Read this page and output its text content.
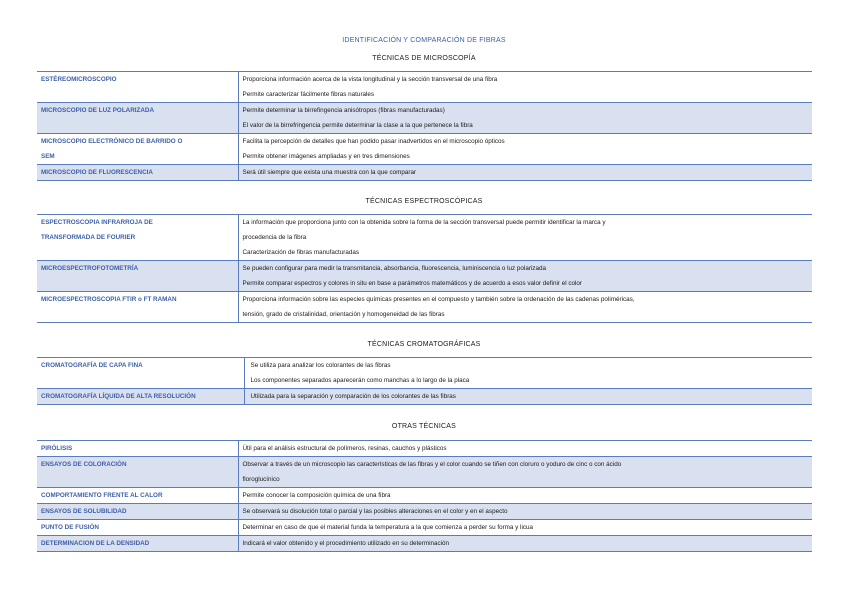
IDENTIFICACIÓN Y COMPARACIÓN DE FIBRAS
TÉCNICAS DE MICROSCOPÍA
ESTÉREOMICROSCOPIO	Proporciona información acerca de la vista longitudinal y la sección transversal de una fibra
Permite caracterizar fácilmente fibras naturales

MICROSCOPIO DE LUZ POLARIZADA	Permite determinar la birrefingencia anisótropos (fibras manufacturadas)
El valor de la birrefringencia permite determinar la clase a la que pertenece la fibra

MICROSCOPIO ELECTRÓNICO DE BARRIDO O
SEM	Facilita la percepción de detalles que han podido pasar inadvertidos en el microscopio ópticos
Permite obtener imágenes ampliadas y en tres dimensiones

MICROSCOPIO DE FLUORESCENCIA	Será útil siempre que exista una muestra con la que comparar
TÉCNICAS ESPECTROSCÓPICAS
ESPECTROSCOPIA INFRARROJA DE
TRANSFORMADA DE FOURIER	La información que proporciona junto con la obtenida sobre la forma de la sección transversal puede permitir identificar la marca y
procedencia de la fibra
Caracterización de fibras manufacturadas

MICROESPECTROFOTOMETRÍA	Se pueden configurar para medir la transmitancia, absorbancia, fluorescencia, luminiscencia o luz polarizada
Permite comparar espectros y colores in situ en base a parámetros matemáticos y de acuerdo a esos valor definir el color

MICROESPECTROSCOPIA FTIR o FT RAMAN	Proporciona información sobre las especies químicas presentes en el compuesto y también sobre la ordenación de las cadenas poliméricas,
tensión, grado de cristalinidad, orientación y homogeneidad de las fibras
TÉCNICAS CROMATOGRÁFICAS
CROMATOGRAFÍA DE CAPA FINA	Se utiliza para analizar los colorantes de las fibras
Los componentes separados aparecerán como manchas a lo largo de la placa

CROMATOGRAFÍA LÍQUIDA DE ALTA RESOLUCIÓN	Utilizada para la separación y comparación de los colorantes de las fibras
OTRAS TÉCNICAS
PIRÓLISIS	Útil para el análisis estructural de polímeros, resinas, cauchos y plásticos

ENSAYOS DE COLORACIÓN	Observar a través de un microscopio las características de las fibras y el color cuando se tiñen con cloruro o yoduro de cinc o con ácido
floroglucínico

COMPORTAMIENTO FRENTE AL CALOR	Permite conocer la composición química de una fibra

ENSAYOS DE SOLUBILIDAD	Se observará su disolución total o parcial y las posibles alteraciones en el color y en el aspecto

PUNTO DE FUSIÓN	Determinar en caso de que el material funda la temperatura a la que comienza a perder su forma y licua

DETERMINACION DE LA DENSIDAD	Indicará el valor obtenido y el procedimiento utilizado en su determinación
